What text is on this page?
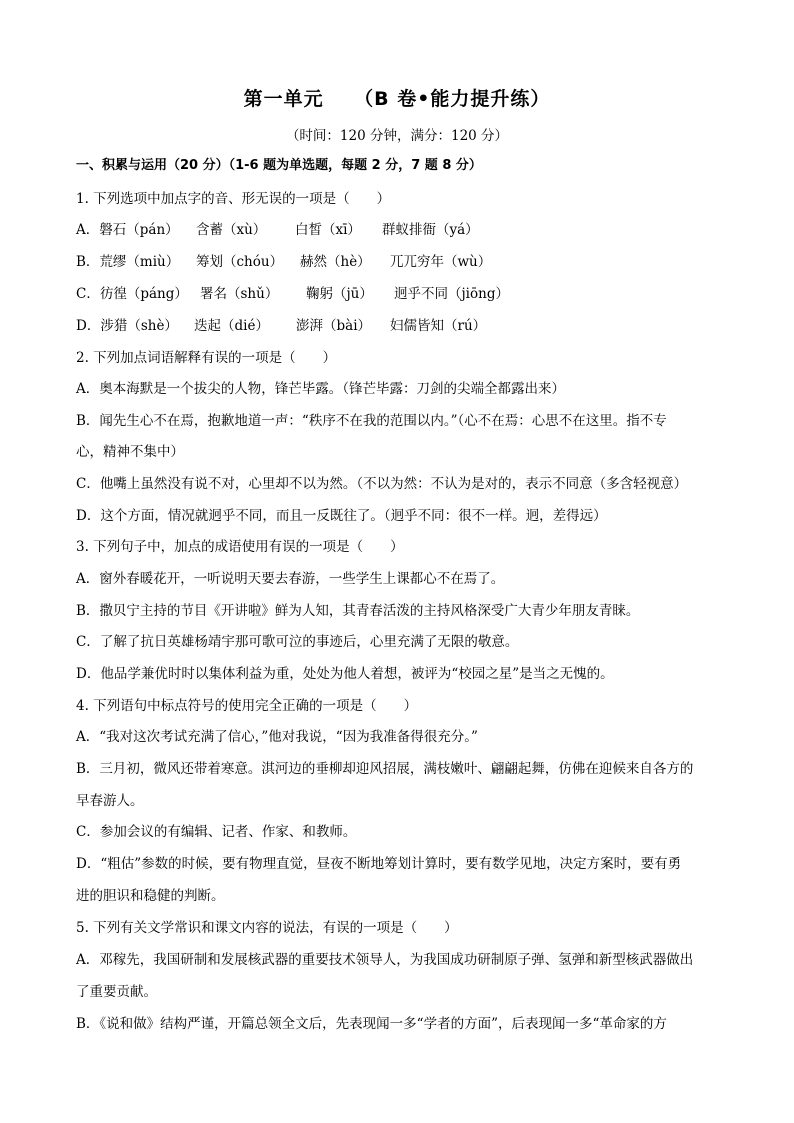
第一单元    （B 卷•能力提升练）
（时间：120 分钟，满分：120 分）
一、积累与运用（20 分）（1-6 题为单选题，每题 2 分，7 题 8 分）
1. 下列选项中加点字的音、形无误的一项是（　　）
A．磐石（pán） 含蓄（xù） 白皙（xī） 群蚁排衙（yá）
B．荒缪（miù） 筹划（chóu） 赫然（hè） 兀兀穷年（wù）
C．彷徨（páng） 署名（shǔ） 鞠躬（jū） 迥乎不同（jiōng）
D．涉猎（shè） 迭起（dié） 澎湃（bài） 妇儒皆知（rú）
2. 下列加点词语解释有误的一项是（　　）
A．奥本海默是一个拔尖的人物，锋芒毕露。（锋芒毕露：刀剑的尖端全都露出来）
B．闻先生心不在焉，抱歉地道一声：“秩序不在我的范围以内。”（心不在焉：心思不在这里。指不专
心，精神不集中）
C．他嘴上虽然没有说不对，心里却不以为然。（不以为然：不认为是对的，表示不同意（多含轻视意）
D．这个方面，情况就迥乎不同，而且一反既往了。（迥乎不同：很不一样。迥，差得远）
3. 下列句子中，加点的成语使用有误的一项是（　　）
A．窗外春暖花开，一听说明天要去春游，一些学生上课都心不在焉了。
B．撒贝宁主持的节目《开讲啦》鲜为人知，其青春活泼的主持风格深受广大青少年朋友青睐。
C．了解了抗日英雄杨靖宇那可歌可泣的事迹后，心里充满了无限的敬意。
D．他品学兼优时时以集体利益为重，处处为他人着想，被评为“校园之星”是当之无愧的。
4. 下列语句中标点符号的使用完全正确的一项是（　　）
A．“我对这次考试充满了信心，”他对我说，“因为我准备得很充分。”
B．三月初，微风还带着寒意。淇河边的垂柳却迎风招展，满枝嫩叶、翩翩起舞，仿佛在迎候来自各方的
早春游人。
C．参加会议的有编辑、记者、作家、和教师。
D．“粗估”参数的时候，要有物理直觉，昼夜不断地筹划计算时，要有数学见地，决定方案时，要有勇
进的胆识和稳健的判断。
5. 下列有关文学常识和课文内容的说法，有误的一项是（　　）
A．邓稼先，我国研制和发展核武器的重要技术领导人，为我国成功研制原子弹、氢弹和新型核武器做出
了重要贡献。
B．《说和做》结构严谨，开篇总领全文后，先表现闻一多“学者的方面”，后表现闻一多“革命家的方
